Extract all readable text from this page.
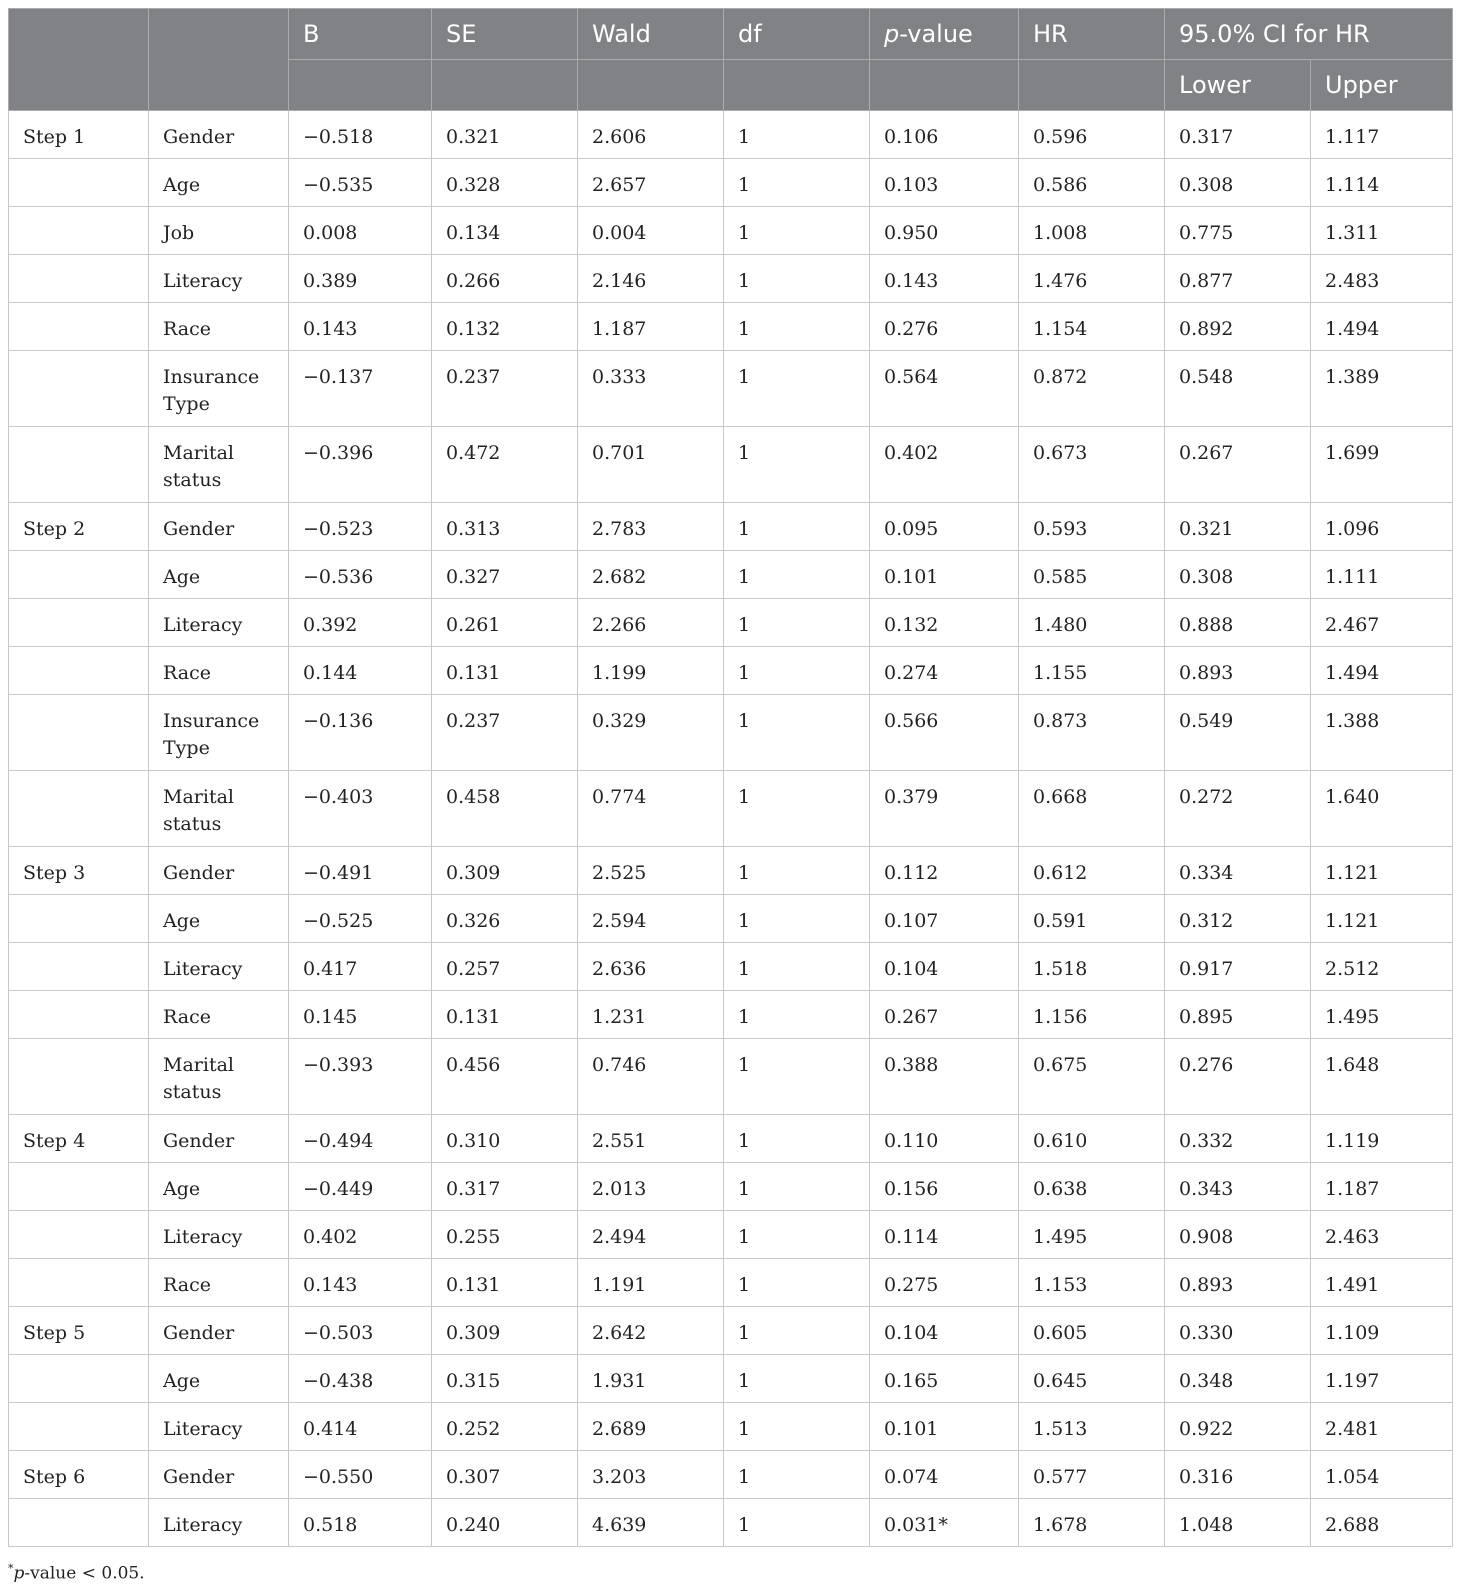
		B	SE	Wald	df	p-value	HR	95.0% CI for HR	
								Lower	Upper
Step 1	Gender	−0.518	0.321	2.606	1	0.106	0.596	0.317	1.117
	Age	−0.535	0.328	2.657	1	0.103	0.586	0.308	1.114
	Job	0.008	0.134	0.004	1	0.950	1.008	0.775	1.311
	Literacy	0.389	0.266	2.146	1	0.143	1.476	0.877	2.483
	Race	0.143	0.132	1.187	1	0.276	1.154	0.892	1.494
	Insurance Type	−0.137	0.237	0.333	1	0.564	0.872	0.548	1.389
	Marital status	−0.396	0.472	0.701	1	0.402	0.673	0.267	1.699
Step 2	Gender	−0.523	0.313	2.783	1	0.095	0.593	0.321	1.096
	Age	−0.536	0.327	2.682	1	0.101	0.585	0.308	1.111
	Literacy	0.392	0.261	2.266	1	0.132	1.480	0.888	2.467
	Race	0.144	0.131	1.199	1	0.274	1.155	0.893	1.494
	Insurance Type	−0.136	0.237	0.329	1	0.566	0.873	0.549	1.388
	Marital status	−0.403	0.458	0.774	1	0.379	0.668	0.272	1.640
Step 3	Gender	−0.491	0.309	2.525	1	0.112	0.612	0.334	1.121
	Age	−0.525	0.326	2.594	1	0.107	0.591	0.312	1.121
	Literacy	0.417	0.257	2.636	1	0.104	1.518	0.917	2.512
	Race	0.145	0.131	1.231	1	0.267	1.156	0.895	1.495
	Marital status	−0.393	0.456	0.746	1	0.388	0.675	0.276	1.648
Step 4	Gender	−0.494	0.310	2.551	1	0.110	0.610	0.332	1.119
	Age	−0.449	0.317	2.013	1	0.156	0.638	0.343	1.187
	Literacy	0.402	0.255	2.494	1	0.114	1.495	0.908	2.463
	Race	0.143	0.131	1.191	1	0.275	1.153	0.893	1.491
Step 5	Gender	−0.503	0.309	2.642	1	0.104	0.605	0.330	1.109
	Age	−0.438	0.315	1.931	1	0.165	0.645	0.348	1.197
	Literacy	0.414	0.252	2.689	1	0.101	1.513	0.922	2.481
Step 6	Gender	−0.550	0.307	3.203	1	0.074	0.577	0.316	1.054
	Literacy	0.518	0.240	4.639	1	0.031*	1.678	1.048	2.688
*p-value < 0.05.
